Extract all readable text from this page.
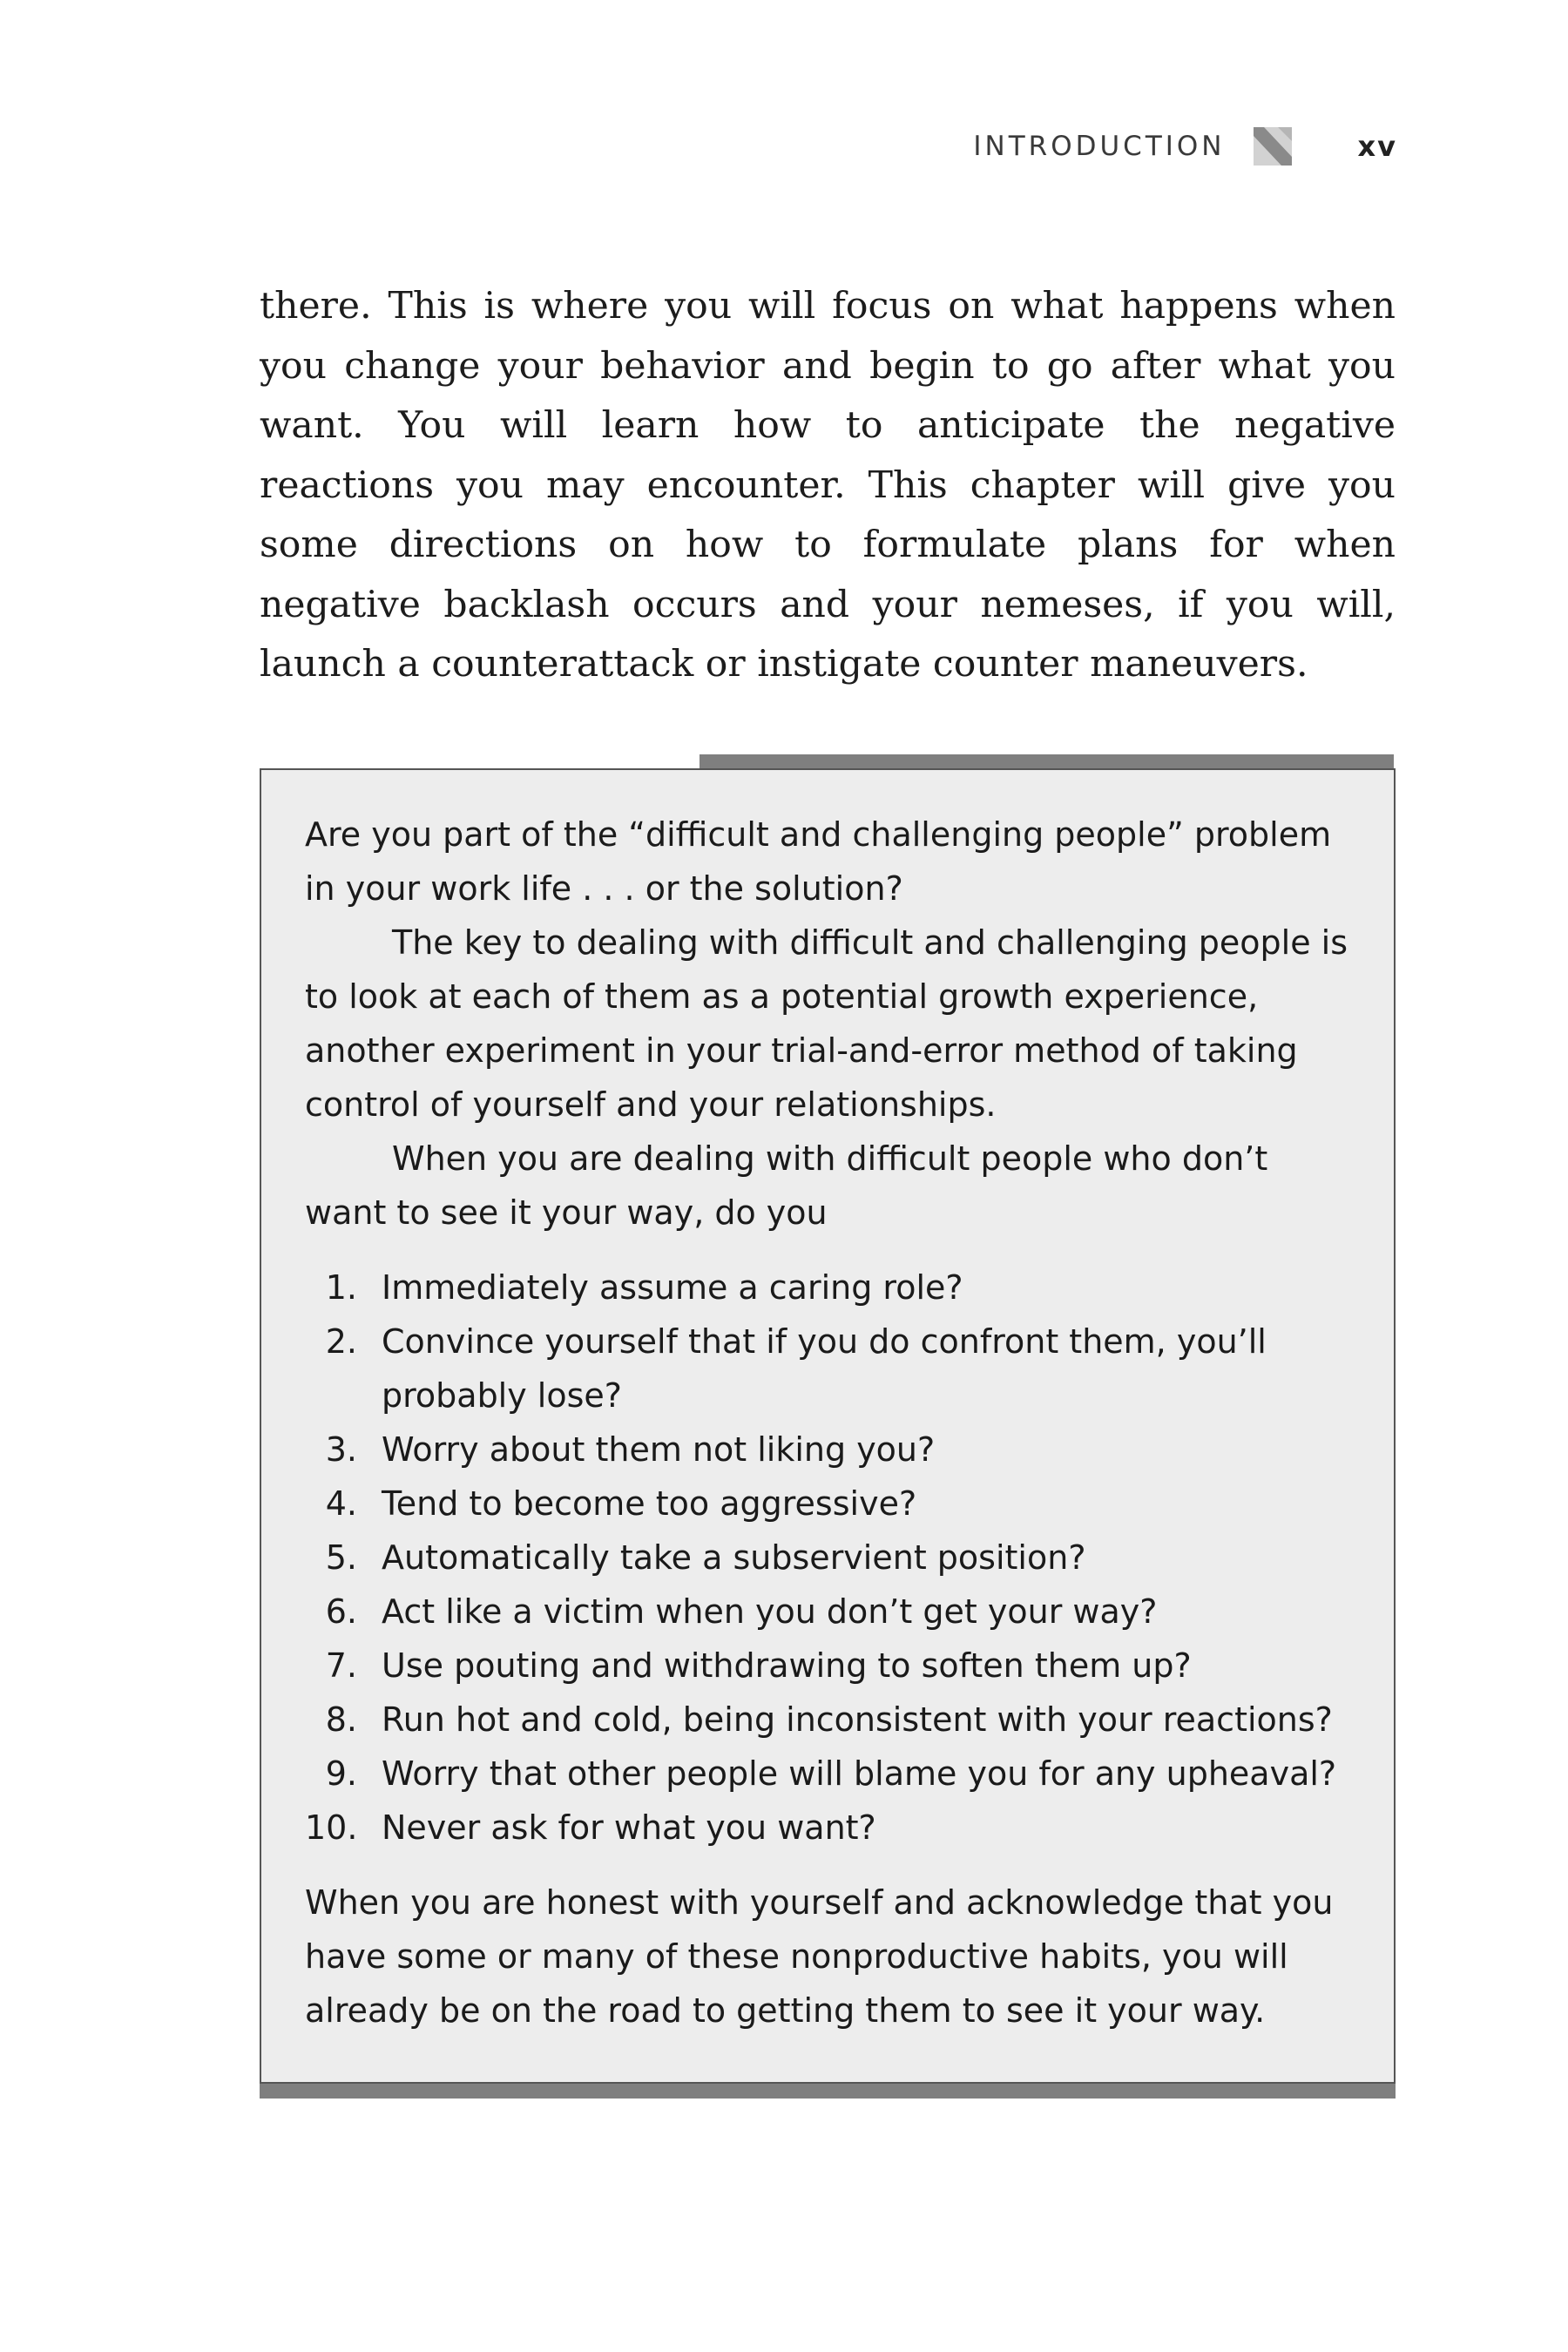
INTRODUCTION	xv

there. This is where you will focus on what happens when you change your behavior and begin to go after what you want. You will learn how to anticipate the negative reactions you may encounter. This chapter will give you some directions on how to formulate plans for when negative backlash occurs and your nemeses, if you will, launch a counterattack or instigate counter maneuvers.

Are you part of the “difficult and challenging people” problem in your work life . . . or the solution?

The key to dealing with difficult and challenging people is to look at each of them as a potential growth experience, another experiment in your trial-and-error method of taking control of yourself and your relationships.

When you are dealing with difficult people who don’t want to see it your way, do you

1. Immediately assume a caring role?
2. Convince yourself that if you do confront them, you’ll probably lose?
3. Worry about them not liking you?
4. Tend to become too aggressive?
5. Automatically take a subservient position?
6. Act like a victim when you don’t get your way?
7. Use pouting and withdrawing to soften them up?
8. Run hot and cold, being inconsistent with your reactions?
9. Worry that other people will blame you for any upheaval?
10. Never ask for what you want?

When you are honest with yourself and acknowledge that you have some or many of these nonproductive habits, you will already be on the road to getting them to see it your way.
